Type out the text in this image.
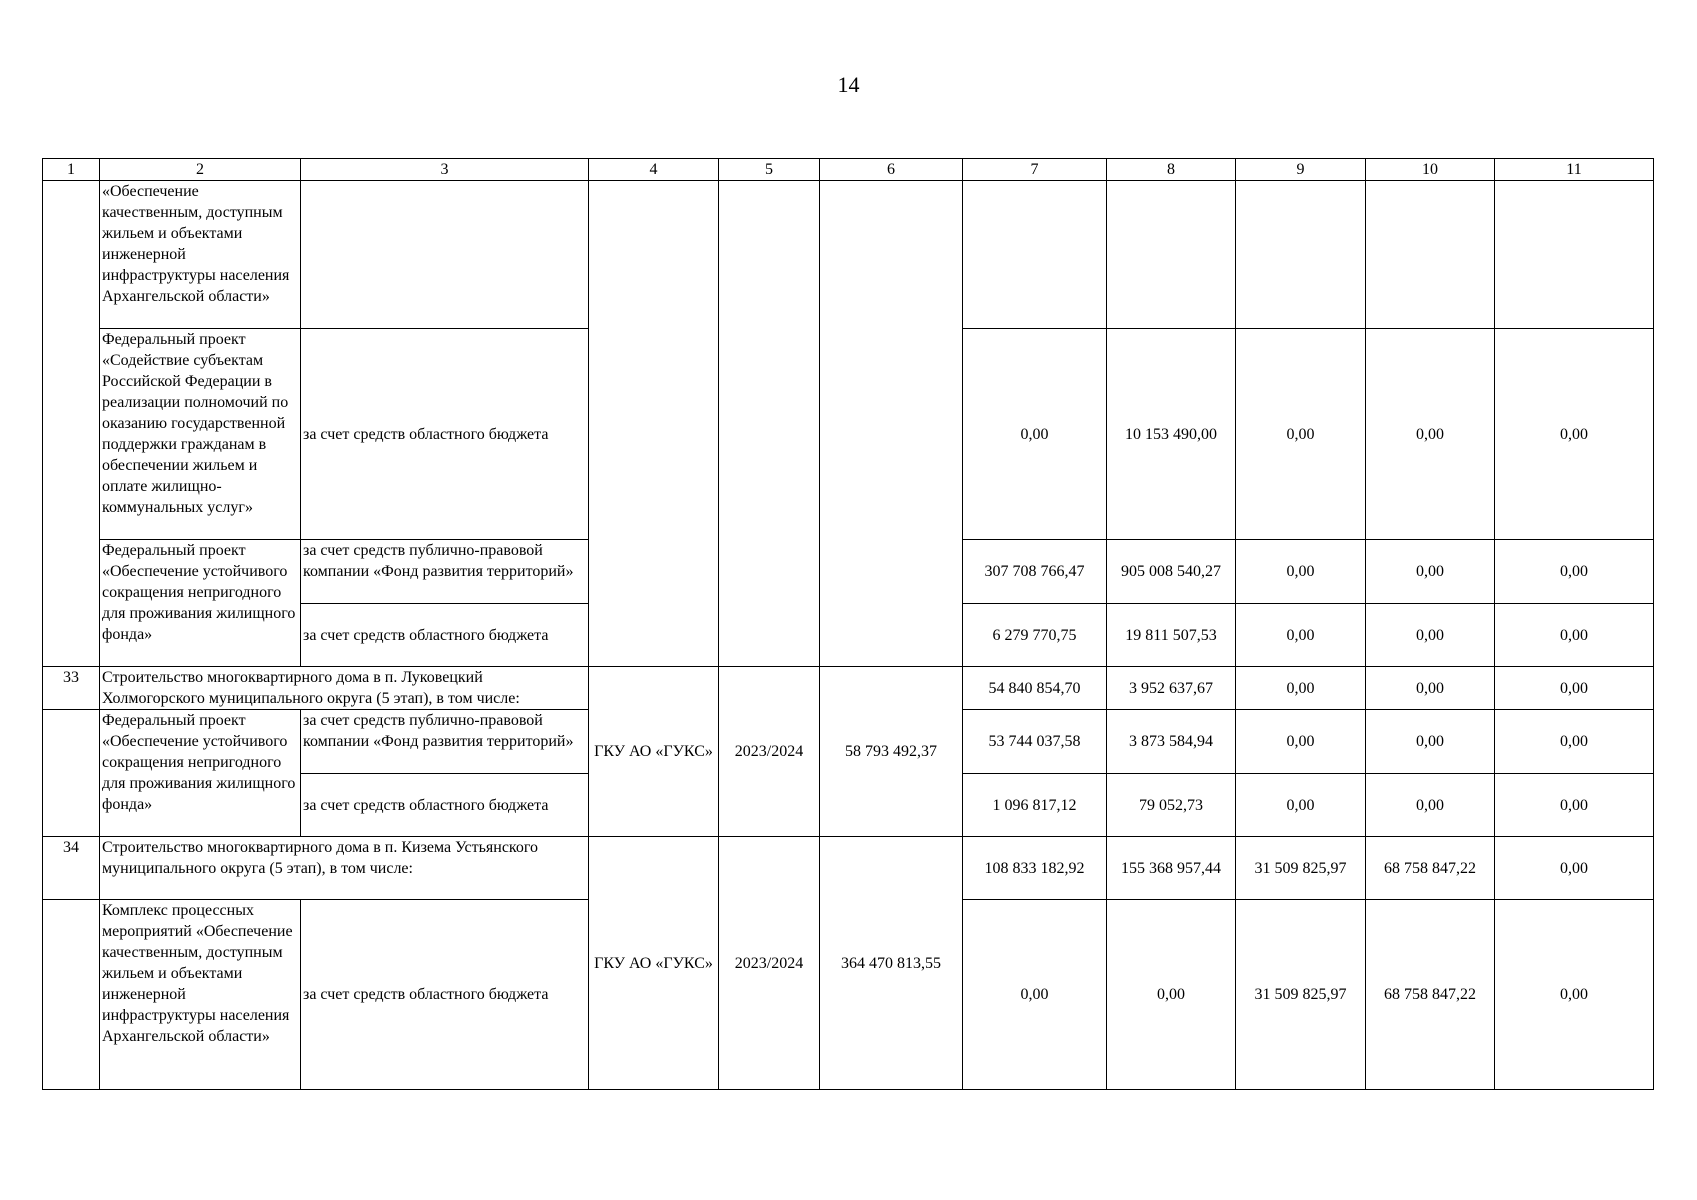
14
1	2	3	4	5	6	7	8	9	10	11
	«Обеспечение качественным, доступным жильем и объектами инженерной инфраструктуры населения Архангельской области»									
	Федеральный проект «Содействие субъектам Российской Федерации в реализации полномочий по оказанию государственной поддержки гражданам в обеспечении жильем и оплате жилищно-коммунальных услуг»	за счет средств областного бюджета				0,00	10 153 490,00	0,00	0,00	0,00
	Федеральный проект «Обеспечение устойчивого сокращения непригодного для проживания жилищного фонда»	за счет средств публично-правовой компании «Фонд развития территорий»				307 708 766,47	905 008 540,27	0,00	0,00	0,00
		за счет средств областного бюджета				6 279 770,75	19 811 507,53	0,00	0,00	0,00
33	Строительство многоквартирного дома в п. Луковецкий Холмогорского муниципального округа (5 этап), в том числе:		ГКУ АО «ГУКС»	2023/2024	58 793 492,37	54 840 854,70	3 952 637,67	0,00	0,00	0,00
	Федеральный проект «Обеспечение устойчивого сокращения непригодного для проживания жилищного фонда»	за счет средств публично-правовой компании «Фонд развития территорий»				53 744 037,58	3 873 584,94	0,00	0,00	0,00
		за счет средств областного бюджета				1 096 817,12	79 052,73	0,00	0,00	0,00
34	Строительство многоквартирного дома в п. Кизема Устьянского муниципального округа (5 этап), в том числе:		ГКУ АО «ГУКС»	2023/2024	364 470 813,55	108 833 182,92	155 368 957,44	31 509 825,97	68 758 847,22	0,00
	Комплекс процессных мероприятий «Обеспечение качественным, доступным жильем и объектами инженерной инфраструктуры населения Архангельской области»	за счет средств областного бюджета				0,00	0,00	31 509 825,97	68 758 847,22	0,00
